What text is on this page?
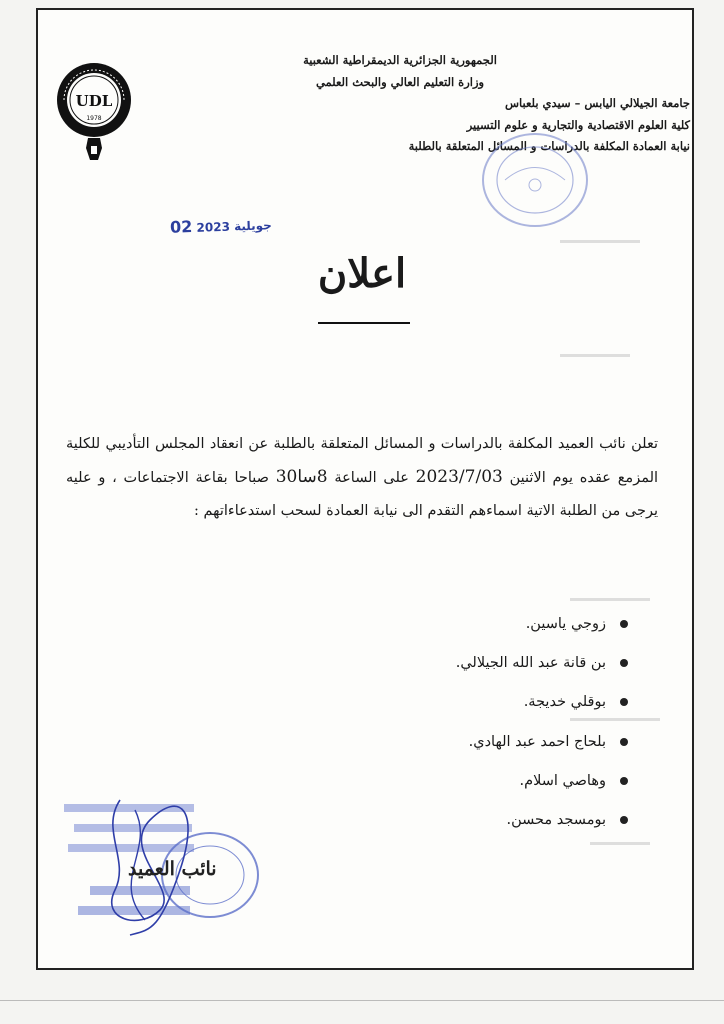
UDL
1978
الجمهورية الجزائرية الديمقراطية الشعبية
وزارة التعليم العالي والبحث العلمي
جامعة الجيلالي اليابس – سيدي بلعباس
كلية العلوم الاقتصادية والتجارية و علوم التسيير
نيابة العمادة المكلفة بالدراسات و المسائل المتعلقة بالطلبة
جويلية 2023 02
اعلان
تعلن نائب العميد المكلفة بالدراسات و المسائل المتعلقة بالطلبة عن انعقاد المجلس التأديبي للكلية المزمع عقده يوم الاثنين 2023/7/03 على الساعة 8سا30 صباحا بقاعة الاجتماعات ، و عليه يرجى من الطلبة الاتية اسماءهم التقدم الى نيابة العمادة لسحب استدعاءاتهم :
زوجي ياسين.
بن قانة عبد الله الجيلالي.
بوقلي خديجة.
بلحاج احمد عبد الهادي.
وهاصي اسلام.
بومسجد محسن.
نائب العميد
